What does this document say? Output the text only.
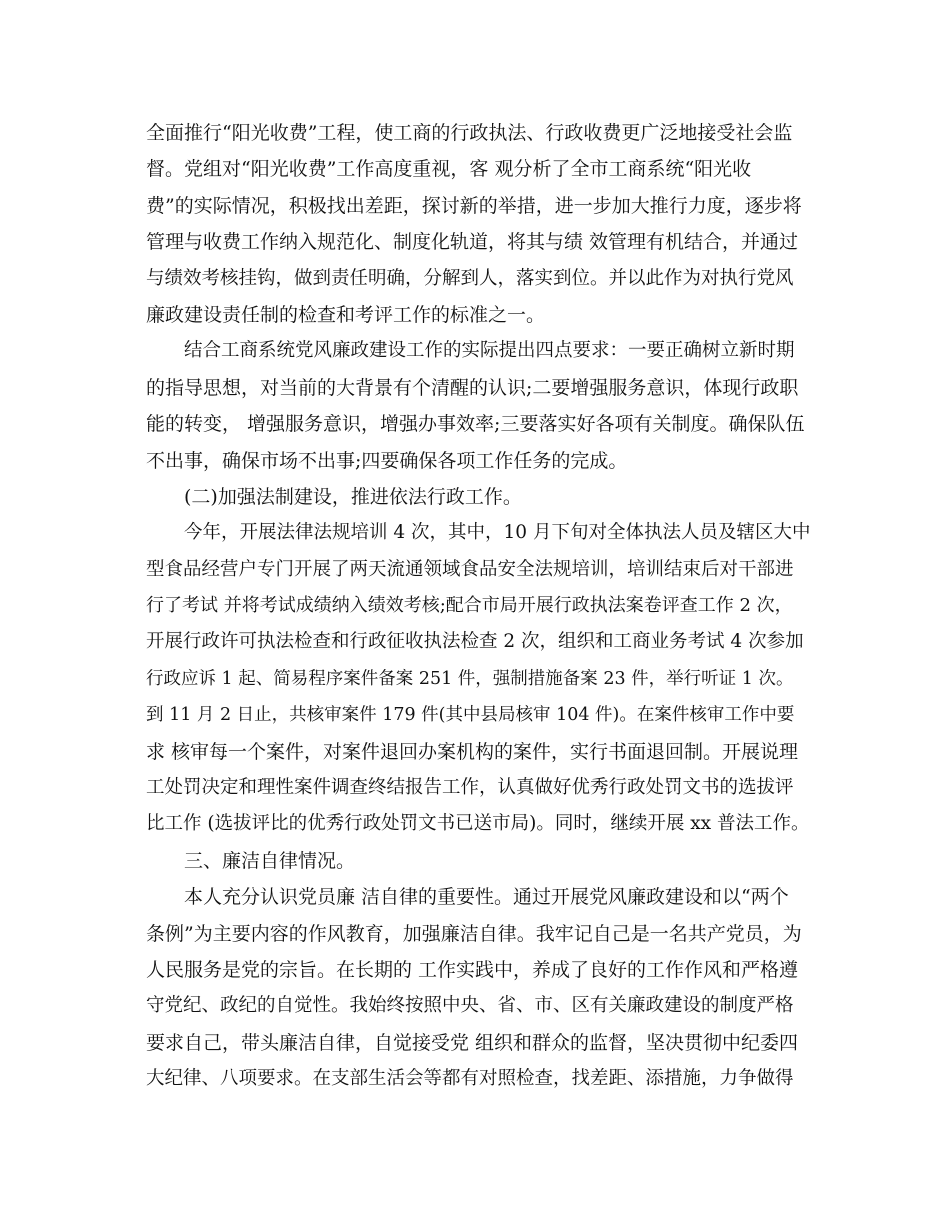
全面推行“阳光收费”工程，使工商的行政执法、行政收费更广泛地接受社会监
督。党组对“阳光收费”工作高度重视，客 观分析了全市工商系统“阳光收
费”的实际情况，积极找出差距，探讨新的举措，进一步加大推行力度，逐步将
管理与收费工作纳入规范化、制度化轨道，将其与绩 效管理有机结合，并通过
与绩效考核挂钩，做到责任明确，分解到人，落实到位。并以此作为对执行党风
廉政建设责任制的检查和考评工作的标准之一。
结合工商系统党风廉政建设工作的实际提出四点要求：一要正确树立新时期
的指导思想，对当前的大背景有个清醒的认识;二要增强服务意识，体现行政职
能的转变， 增强服务意识，增强办事效率;三要落实好各项有关制度。确保队伍
不出事，确保市场不出事;四要确保各项工作任务的完成。
(二)加强法制建设，推进依法行政工作。
今年，开展法律法规培训 4 次，其中，10 月下旬对全体执法人员及辖区大中
型食品经营户专门开展了两天流通领域食品安全法规培训，培训结束后对干部进
行了考试 并将考试成绩纳入绩效考核;配合市局开展行政执法案卷评查工作 2 次，
开展行政许可执法检查和行政征收执法检查 2 次，组织和工商业务考试 4 次参加
行政应诉 1 起、简易程序案件备案 251 件，强制措施备案 23 件，举行听证 1 次。
到 11 月 2 日止，共核审案件 179 件(其中县局核审 104 件)。在案件核审工作中要
求 核审每一个案件，对案件退回办案机构的案件，实行书面退回制。开展说理
工处罚决定和理性案件调查终结报告工作，认真做好优秀行政处罚文书的选拔评
比工作 (选拔评比的优秀行政处罚文书已送市局)。同时，继续开展 xx 普法工作。
三、廉洁自律情况。
本人充分认识党员廉 洁自律的重要性。通过开展党风廉政建设和以“两个
条例”为主要内容的作风教育，加强廉洁自律。我牢记自己是一名共产党员，为
人民服务是党的宗旨。在长期的 工作实践中，养成了良好的工作作风和严格遵
守党纪、政纪的自觉性。我始终按照中央、省、市、区有关廉政建设的制度严格
要求自己，带头廉洁自律，自觉接受党 组织和群众的监督，坚决贯彻中纪委四
大纪律、八项要求。在支部生活会等都有对照检查，找差距、添措施，力争做得
